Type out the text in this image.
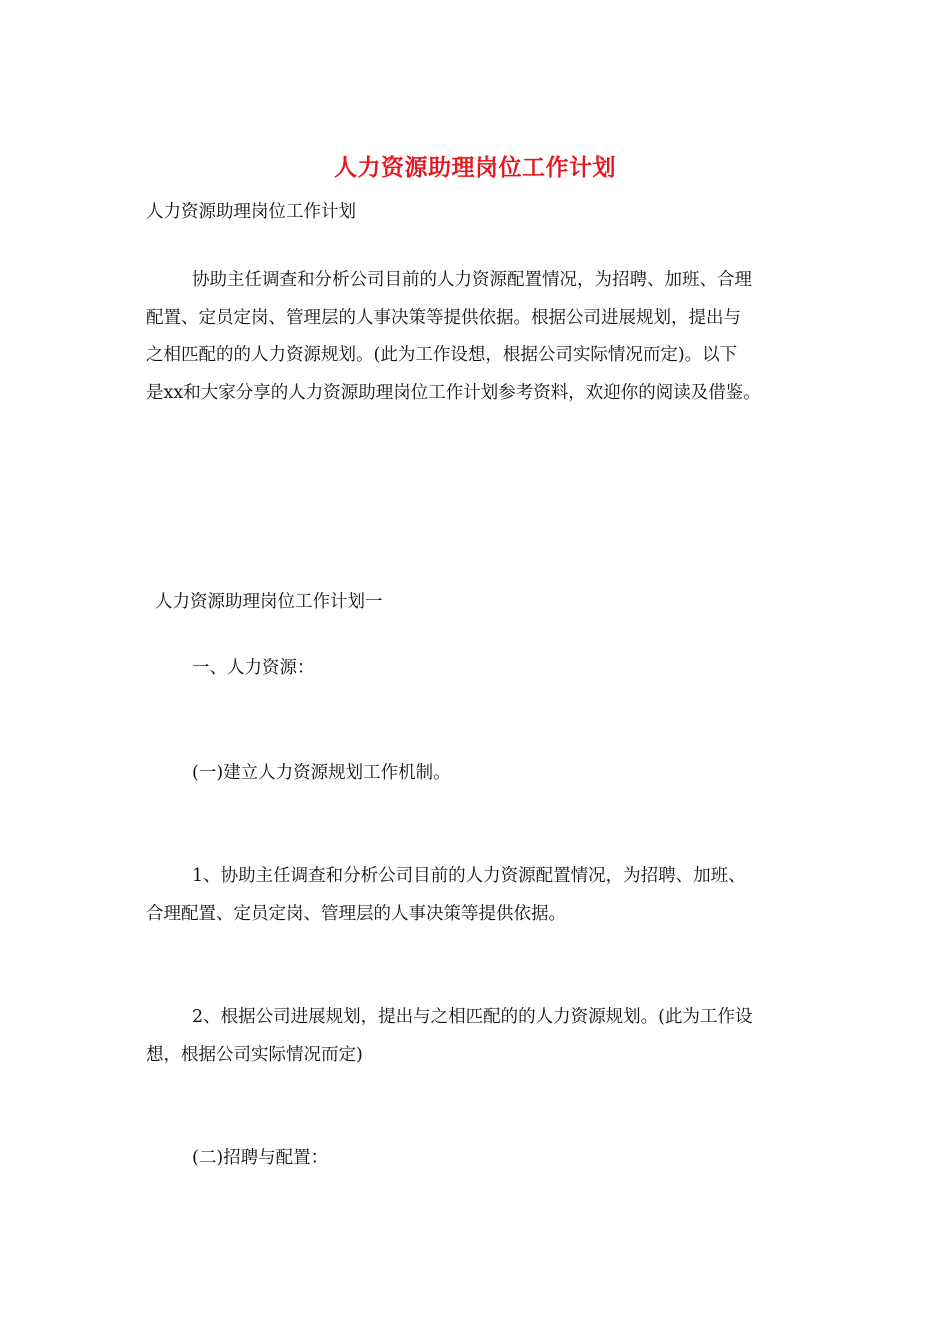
人力资源助理岗位工作计划
人力资源助理岗位工作计划
协助主任调查和分析公司目前的人力资源配置情况，为招聘、加班、合理
配置、定员定岗、管理层的人事决策等提供依据。根据公司进展规划，提出与
之相匹配的的人力资源规划。(此为工作设想，根据公司实际情况而定)。以下
是xx和大家分享的人力资源助理岗位工作计划参考资料，欢迎你的阅读及借鉴。
人力资源助理岗位工作计划一
一、人力资源：
(一)建立人力资源规划工作机制。
1、协助主任调查和分析公司目前的人力资源配置情况，为招聘、加班、
合理配置、定员定岗、管理层的人事决策等提供依据。
2、根据公司进展规划，提出与之相匹配的的人力资源规划。(此为工作设
想，根据公司实际情况而定)
(二)招聘与配置：
